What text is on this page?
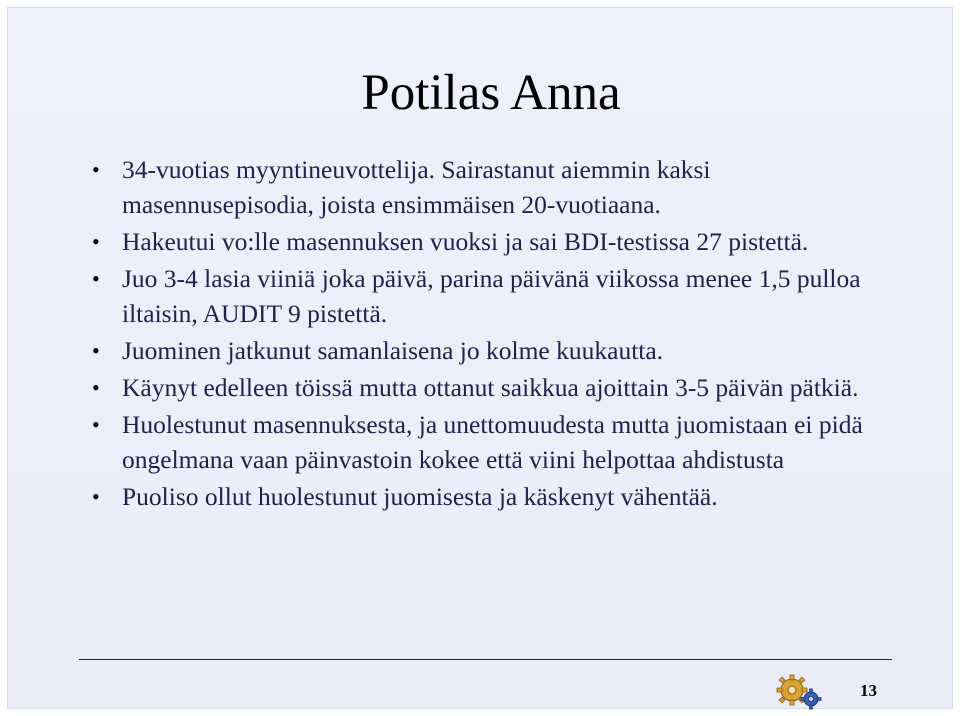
Potilas Anna
• 34-vuotias myyntineuvottelija. Sairastanut aiemmin kaksi masennusepisodia, joista ensimmäisen 20-vuotiaana.
• Hakeutui vo:lle masennuksen vuoksi ja sai BDI-testissa 27 pistettä.
• Juo 3-4 lasia viiniä joka päivä, parina päivänä viikossa menee 1,5 pulloa iltaisin, AUDIT 9 pistettä.
• Juominen jatkunut samanlaisena jo kolme kuukautta.
• Käynyt edelleen töissä mutta ottanut saikkua ajoittain 3-5 päivän pätkiä.
• Huolestunut masennuksesta, ja unettomuudesta mutta juomistaan ei pidä ongelmana vaan päinvastoin kokee että viini helpottaa ahdistusta
• Puoliso ollut huolestunut juomisesta ja käskenyt vähentää.
13
